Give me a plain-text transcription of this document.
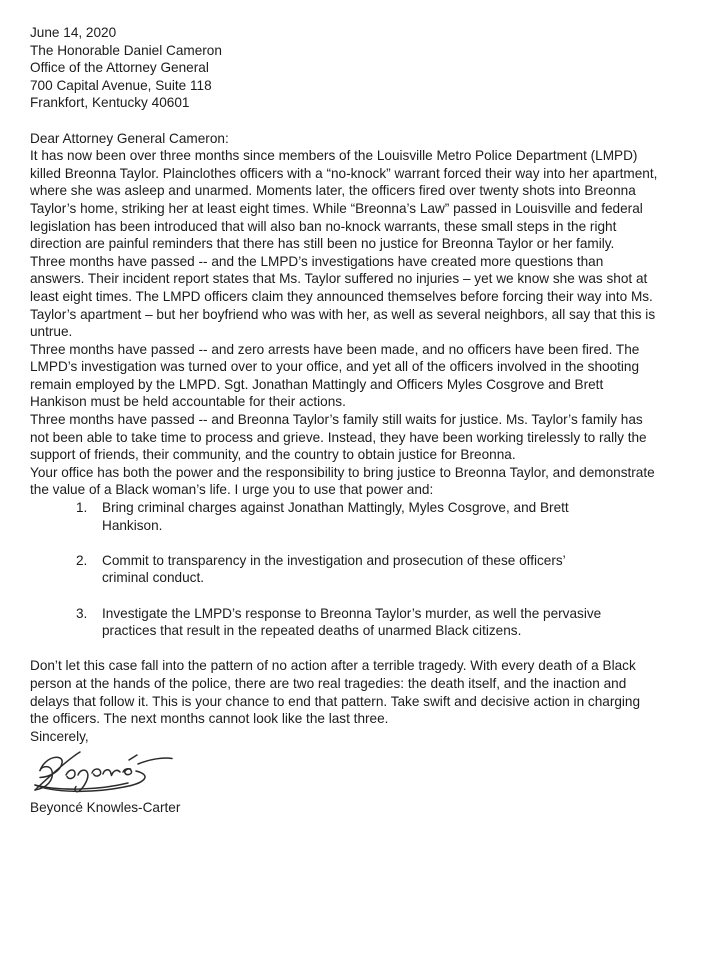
June 14, 2020

The Honorable Daniel Cameron

Office of the Attorney General

700 Capital Avenue, Suite 118

Frankfort, Kentucky 40601

Dear Attorney General Cameron:

It has now been over three months since members of the Louisville Metro Police Department (LMPD) killed Breonna Taylor. Plainclothes officers with a “no-knock” warrant forced their way into her apartment, where she was asleep and unarmed. Moments later, the officers fired over twenty shots into Breonna Taylor’s home, striking her at least eight times. While “Breonna’s Law” passed in Louisville and federal legislation has been introduced that will also ban no-knock warrants, these small steps in the right direction are painful reminders that there has still been no justice for Breonna Taylor or her family.

Three months have passed -- and the LMPD’s investigations have created more questions than answers. Their incident report states that Ms. Taylor suffered no injuries – yet we know she was shot at least eight times. The LMPD officers claim they announced themselves before forcing their way into Ms. Taylor’s apartment – but her boyfriend who was with her, as well as several neighbors, all say that this is untrue.

Three months have passed -- and zero arrests have been made, and no officers have been fired. The LMPD’s investigation was turned over to your office, and yet all of the officers involved in the shooting remain employed by the LMPD. Sgt. Jonathan Mattingly and Officers Myles Cosgrove and Brett Hankison must be held accountable for their actions.

Three months have passed -- and Breonna Taylor’s family still waits for justice. Ms. Taylor’s family has not been able to take time to process and grieve. Instead, they have been working tirelessly to rally the support of friends, their community, and the country to obtain justice for Breonna.

Your office has both the power and the responsibility to bring justice to Breonna Taylor, and demonstrate the value of a Black woman’s life. I urge you to use that power and:

1.	Bring criminal charges against Jonathan Mattingly, Myles Cosgrove, and Brett Hankison.
2.	Commit to transparency in the investigation and prosecution of these officers’ criminal conduct.
3.	Investigate the LMPD’s response to Breonna Taylor’s murder, as well the pervasive practices that result in the repeated deaths of unarmed Black citizens.

Don’t let this case fall into the pattern of no action after a terrible tragedy. With every death of a Black person at the hands of the police, there are two real tragedies: the death itself, and the inaction and delays that follow it. This is your chance to end that pattern. Take swift and decisive action in charging the officers. The next months cannot look like the last three.

Sincerely,

Beyoncé Knowles-Carter
